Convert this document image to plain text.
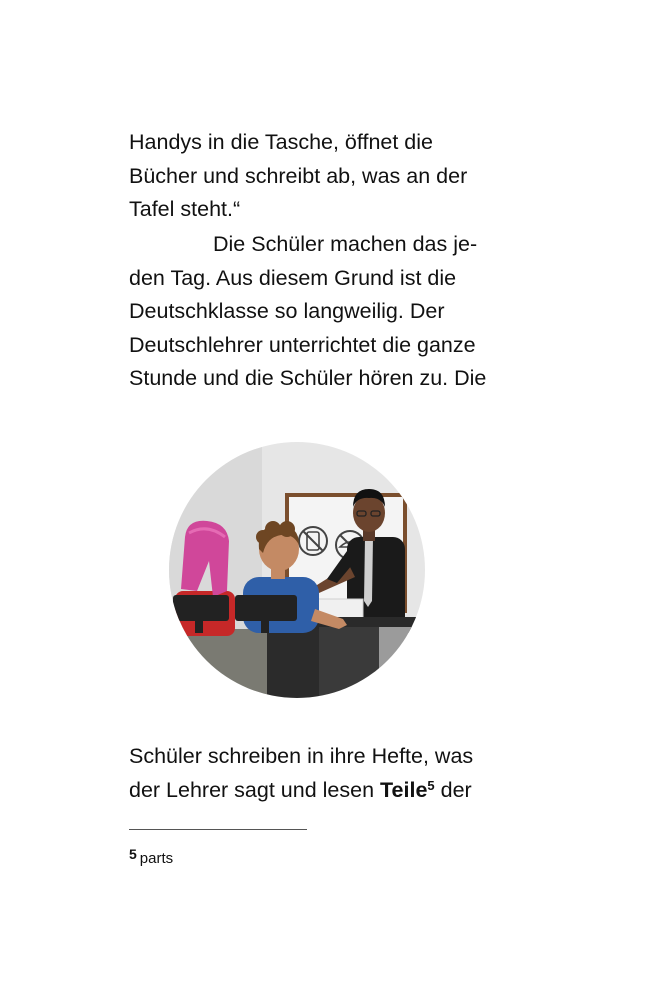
Handys in die Tasche, öffnet die
Bücher und schreibt ab, was an der
Tafel steht.“

Die Schüler machen das je-
den Tag. Aus diesem Grund ist die
Deutschklasse so langweilig. Der
Deutschlehrer unterrichtet die ganze
Stunde und die Schüler hören zu. Die

Schüler schreiben in ihre Hefte, was
der Lehrer sagt und lesen Teile$^5$ der

5 parts
